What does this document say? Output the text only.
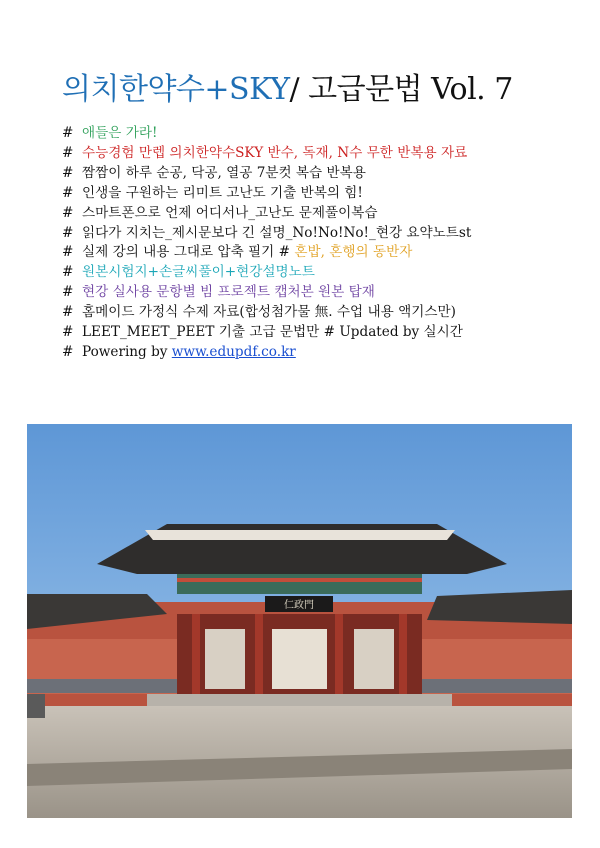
의치한약수+SKY/ 고급문법 Vol. 7
# 애들은 가라!
# 수능경험 만렙 의치한약수SKY 반수, 독재, N수 무한 반복용 자료
# 짬짬이 하루 순공, 닥공, 열공 7분컷 복습 반복용
# 인생을 구원하는 리미트 고난도 기출 반복의 힘!
# 스마트폰으로 언제 어디서나_고난도 문제풀이복습
# 읽다가 지치는_제시문보다 긴 설명_No!No!No!_현강 요약노트st
# 실제 강의 내용 그대로 압축 필기 # 혼밥, 혼행의 동반자
# 원본시험지+손글씨풀이+현강설명노트
# 현강 실사용 문항별 빔 프로젝트 캡처본 원본 탑재
# 홈메이드 가정식 수제 자료(합성첨가물 無. 수업 내용 액기스만)
# LEET_MEET_PEET 기출 고급 문법만 # Updated by 실시간
# Powering by www.edupdf.co.kr
仁政門
